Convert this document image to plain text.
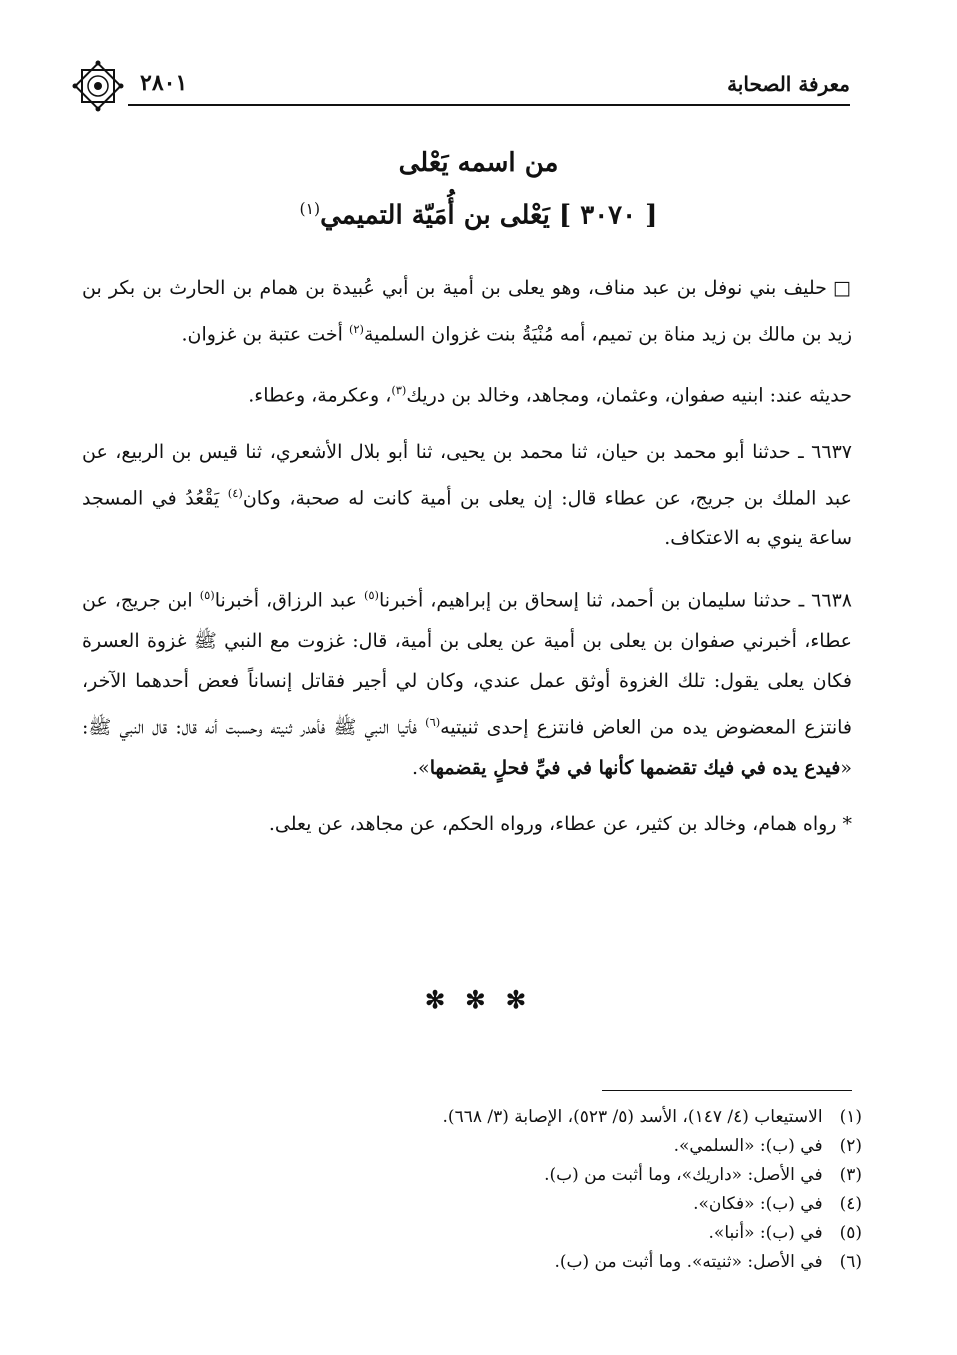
معرفة الصحابة
٢٨٠١
من اسمه يَعْلى
[ ٣٠٧٠ ] يَعْلى بن أُمَيّة التميمي$^{(١)}$

□ حليف بني نوفل بن عبد مناف، وهو يعلى بن أمية بن أبي عُبيدة بن همام بن الحارث بن بكر بن زيد بن مالك بن زيد مناة بن تميم، أمه مُنْيَةُ بنت غزوان السلمية$^{(٢)}$ أخت عتبة بن غزوان.

حديثه عند: ابنيه صفوان، وعثمان، ومجاهد، وخالد بن دريك$^{(٣)}$، وعكرمة، وعطاء.

٦٦٣٧ ـ حدثنا أبو محمد بن حيان، ثنا محمد بن يحيى، ثنا أبو بلال الأشعري، ثنا قيس بن الربيع، عن عبد الملك بن جريج، عن عطاء قال: إن يعلى بن أمية كانت له صحبة، وكان$^{(٤)}$ يَقْعُدُ في المسجد ساعة ينوي به الاعتكاف.

٦٦٣٨ ـ حدثنا سليمان بن أحمد، ثنا إسحاق بن إبراهيم، أخبرنا$^{(٥)}$ عبد الرزاق، أخبرنا$^{(٥)}$ ابن جريج، عن عطاء، أخبرني صفوان بن يعلى بن أمية عن يعلى بن أمية، قال: غزوت مع النبي ﷺ غزوة العسرة فكان يعلى يقول: تلك الغزوة أوثق عمل عندي، وكان لي أجير فقاتل إنساناً فعض أحدهما الآخر، فانتزع المعضوض يده من العاض فانتزع إحدى ثنيتيه$^{(٦)}$ فأتيا النبي ﷺ فأهدر ثنيته وحسبت أنه قال: قال النبي ﷺ: «فيدع يده في فيك تقضمها كأنها في فيِّ فحلٍ يقضمها».

* رواه همام، وخالد بن كثير، عن عطاء، ورواه الحكم، عن مجاهد، عن يعلى.

✻ ✻ ✻
(١) الاستيعاب (٤/ ١٤٧)، الأسد (٥/ ٥٢٣)، الإصابة (٣/ ٦٦٨).
(٢) في (ب): «السلمي».
(٣) في الأصل: «داريك»، وما أثبت من (ب).
(٤) في (ب): «فكان».
(٥) في (ب): «أنبا».
(٦) في الأصل: «ثنيته». وما أثبت من (ب).
